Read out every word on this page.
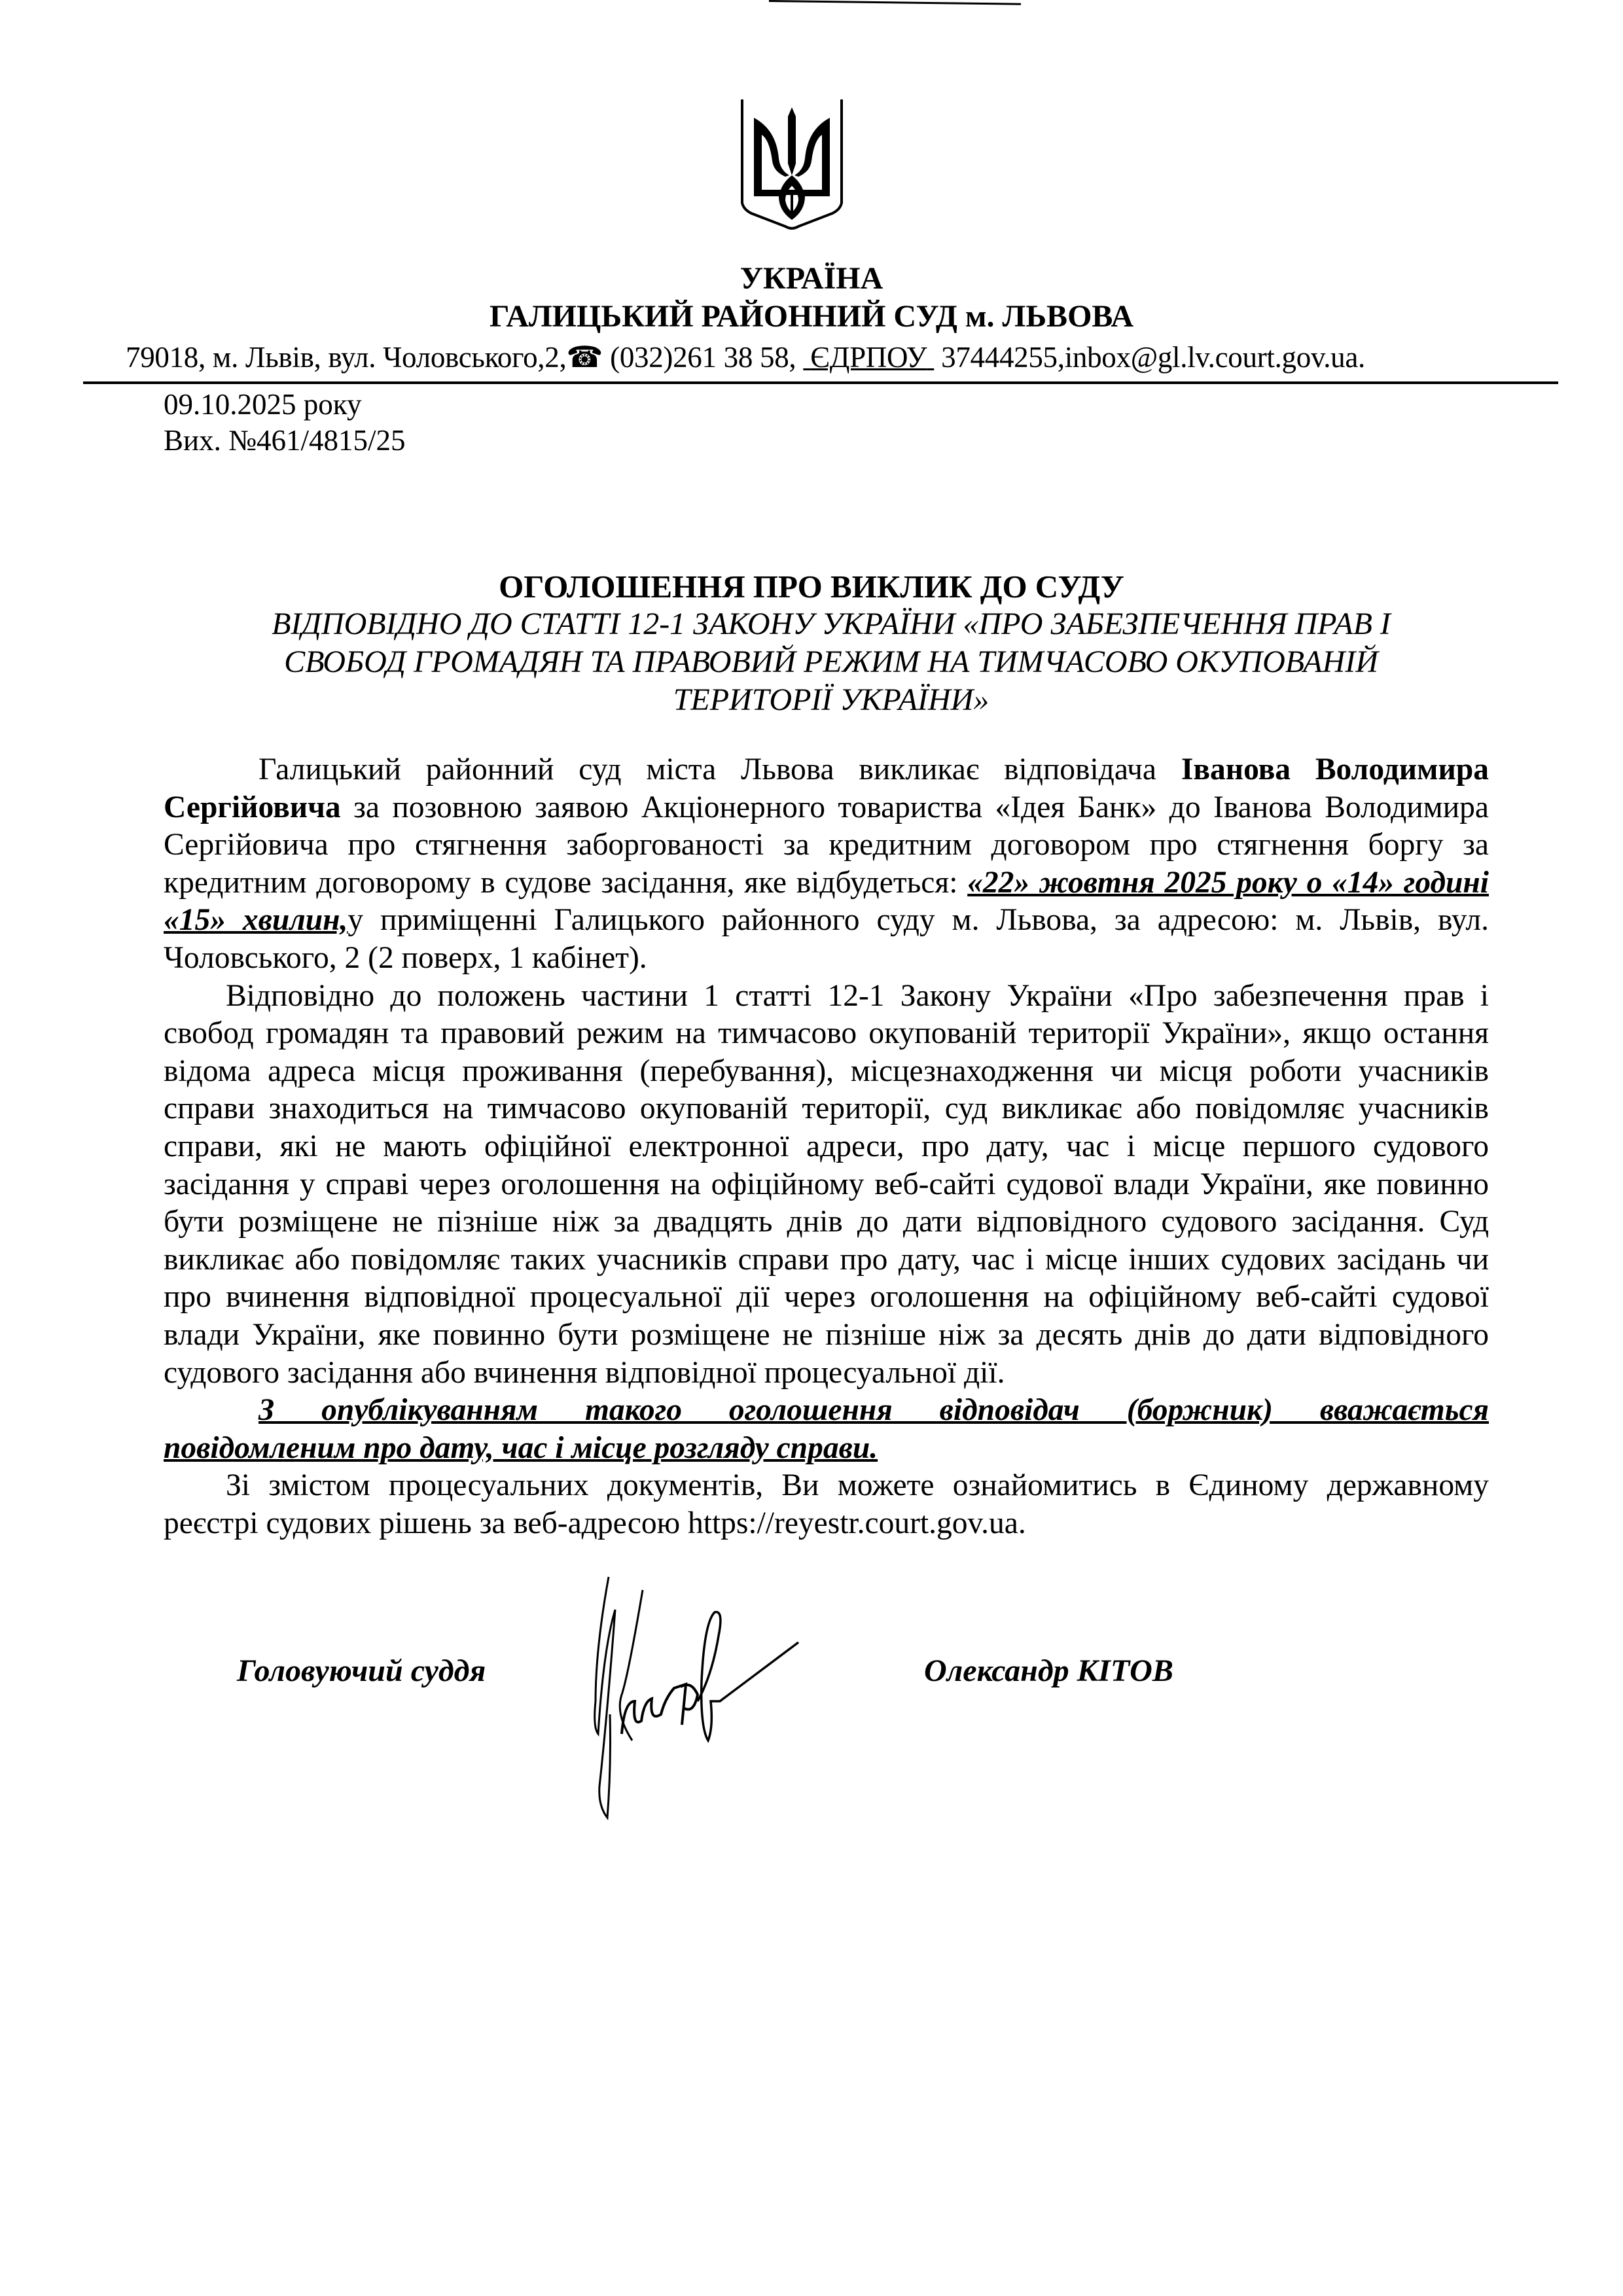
УКРАЇНА
ГАЛИЦЬКИЙ РАЙОННИЙ СУД м. ЛЬВОВА
79018, м. Львів, вул. Чоловського,2,☎ (032)261 38 58, ЄДРПОУ 37444255,inbox@gl.lv.court.gov.ua.
09.10.2025 року
Вих. №461/4815/25
ОГОЛОШЕННЯ ПРО ВИКЛИК ДО СУДУ
ВІДПОВІДНО ДО СТАТТІ 12-1 ЗАКОНУ УКРАЇНИ «ПРО ЗАБЕЗПЕЧЕННЯ ПРАВ І СВОБОД ГРОМАДЯН ТА ПРАВОВИЙ РЕЖИМ НА ТИМЧАСОВО ОКУПОВАНІЙ ТЕРИТОРІЇ УКРАЇНИ»

Галицький районний суд міста Львова викликає відповідача Іванова Володимира Сергійовича за позовною заявою Акціонерного товариства «Ідея Банк» до Іванова Володимира Сергійовича про стягнення заборгованості за кредитним договором про стягнення боргу за кредитним договорому в судове засідання, яке відбудеться: «22» жовтня 2025 року о «14» годині «15» хвилин,у приміщенні Галицького районного суду м. Львова, за адресою: м. Львів, вул. Чоловського, 2 (2 поверх, 1 кабінет).

Відповідно до положень частини 1 статті 12-1 Закону України «Про забезпечення прав і свобод громадян та правовий режим на тимчасово окупованій території України», якщо остання відома адреса місця проживання (перебування), місцезнаходження чи місця роботи учасників справи знаходиться на тимчасово окупованій території, суд викликає або повідомляє учасників справи, які не мають офіційної електронної адреси, про дату, час і місце першого судового засідання у справі через оголошення на офіційному веб-сайті судової влади України, яке повинно бути розміщене не пізніше ніж за двадцять днів до дати відповідного судового засідання. Суд викликає або повідомляє таких учасників справи про дату, час і місце інших судових засідань чи про вчинення відповідної процесуальної дії через оголошення на офіційному веб-сайті судової влади України, яке повинно бути розміщене не пізніше ніж за десять днів до дати відповідного судового засідання або вчинення відповідної процесуальної дії.

З опублікуванням такого оголошення відповідач (боржник) вважається повідомленим про дату, час і місце розгляду справи.

Зі змістом процесуальних документів, Ви можете ознайомитись в Єдиному державному реєстрі судових рішень за веб-адресою https://reyestr.court.gov.ua.

Головуючий суддя	Олександр КІТОВ
